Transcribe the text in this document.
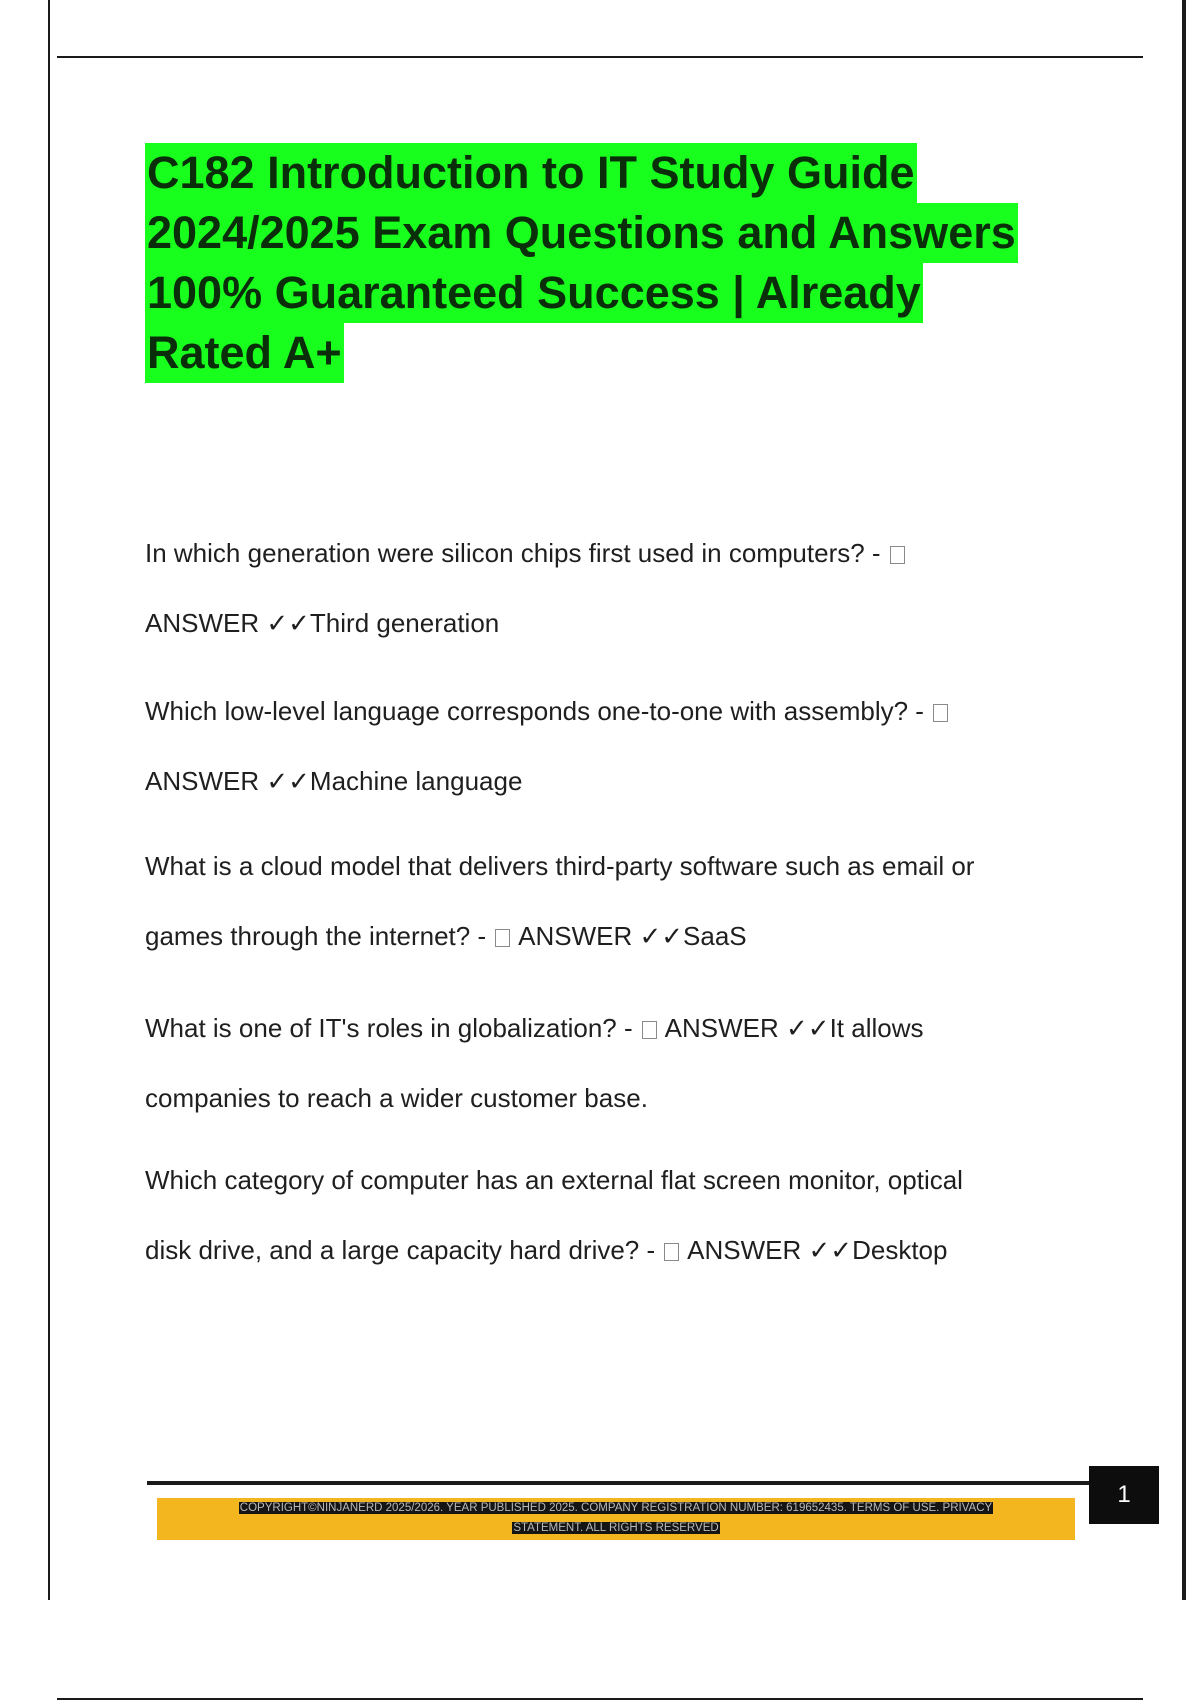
C182 Introduction to IT Study Guide
2024/2025 Exam Questions and Answers
100% Guaranteed Success | Already
Rated A+
In which generation were silicon chips first used in computers? -
ANSWER ✓✓Third generation
Which low-level language corresponds one-to-one with assembly? -
ANSWER ✓✓Machine language
What is a cloud model that delivers third-party software such as email or
games through the internet? -  ANSWER ✓✓SaaS
What is one of IT's roles in globalization? -  ANSWER ✓✓It allows
companies to reach a wider customer base.
Which category of computer has an external flat screen monitor, optical
disk drive, and a large capacity hard drive? -  ANSWER ✓✓Desktop
1
COPYRIGHT©NINJANERD 2025/2026. YEAR PUBLISHED 2025. COMPANY REGISTRATION NUMBER: 619652435. TERMS OF USE. PRIVACY
STATEMENT. ALL RIGHTS RESERVED
